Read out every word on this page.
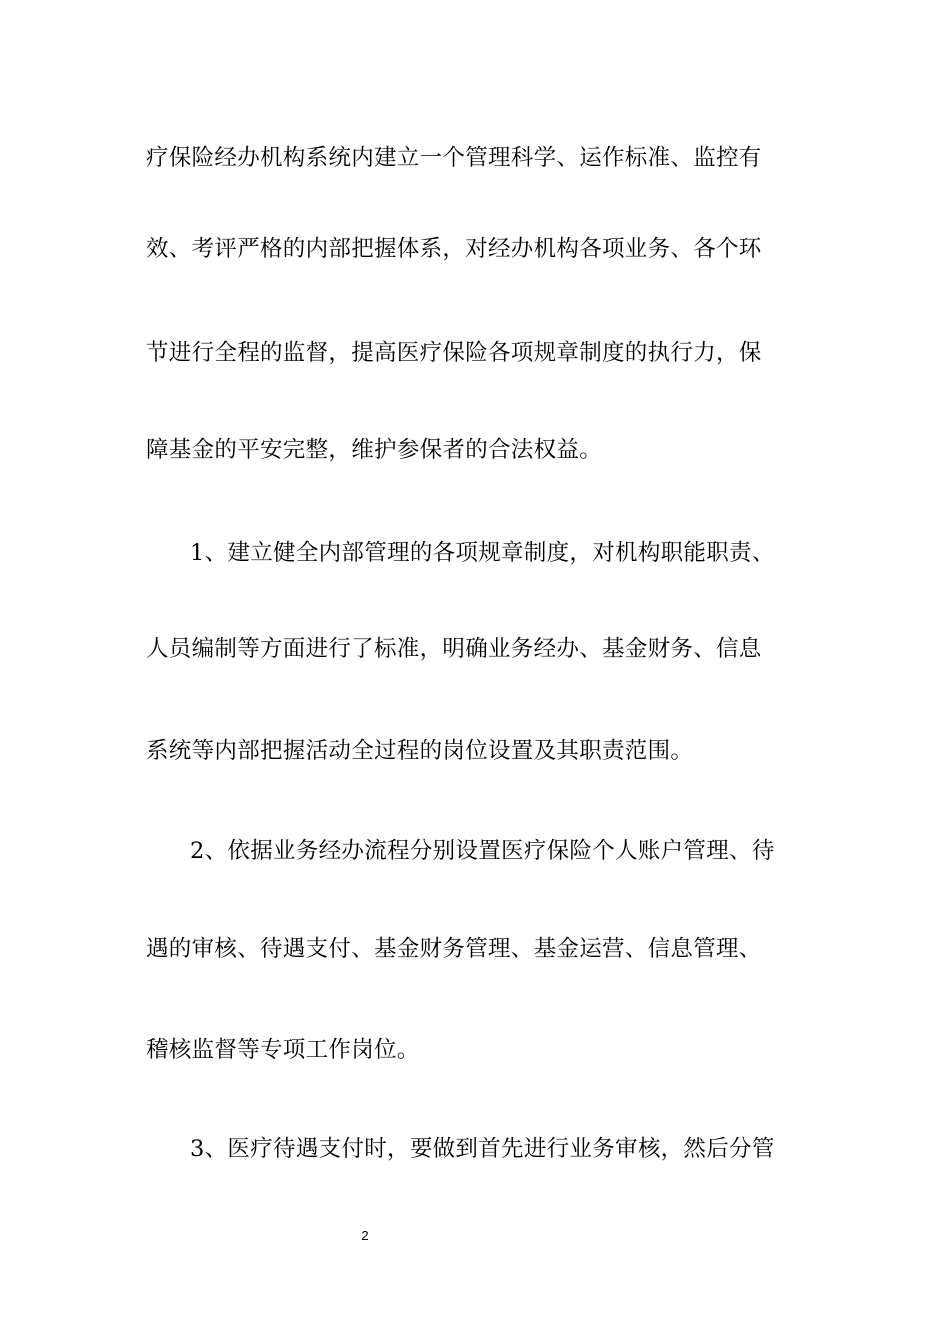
疗保险经办机构系统内建立一个管理科学、运作标准、监控有
效、考评严格的内部把握体系，对经办机构各项业务、各个环
节进行全程的监督，提高医疗保险各项规章制度的执行力，保
障基金的平安完整，维护参保者的合法权益。
1、建立健全内部管理的各项规章制度，对机构职能职责、
人员编制等方面进行了标准，明确业务经办、基金财务、信息
系统等内部把握活动全过程的岗位设置及其职责范围。
2、依据业务经办流程分别设置医疗保险个人账户管理、待
遇的审核、待遇支付、基金财务管理、基金运营、信息管理、
稽核监督等专项工作岗位。
3、医疗待遇支付时，要做到首先进行业务审核，然后分管
2
